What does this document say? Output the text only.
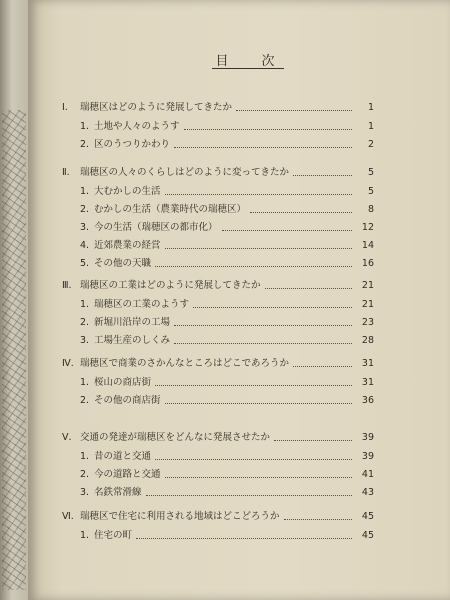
目　次
Ⅰ. 瑞穂区はどのように発展してきたか	1
1. 土地や人々のようす	1
2. 区のうつりかわり	2
Ⅱ. 瑞穂区の人々のくらしはどのように変ってきたか	5
1. 大むかしの生活	5
2. むかしの生活（農業時代の瑞穂区）	8
3. 今の生活（瑞穂区の都市化）	12
4. 近郊農業の経営	14
5. その他の天職	16
Ⅲ. 瑞穂区の工業はどのように発展してきたか	21
1. 瑞穂区の工業のようす	21
2. 新堀川沿岸の工場	23
3. 工場生産のしくみ	28
Ⅳ. 瑞穂区で商業のさかんなところはどこであろうか	31
1. 桜山の商店街	31
2. その他の商店街	36
Ⅴ. 交通の発達が瑞穂区をどんなに発展させたか	39
1. 昔の道と交通	39
2. 今の道路と交通	41
3. 名鉄常滑線	43
Ⅵ. 瑞穂区で住宅に利用される地域はどこどろうか	45
1. 住宅の町	45
